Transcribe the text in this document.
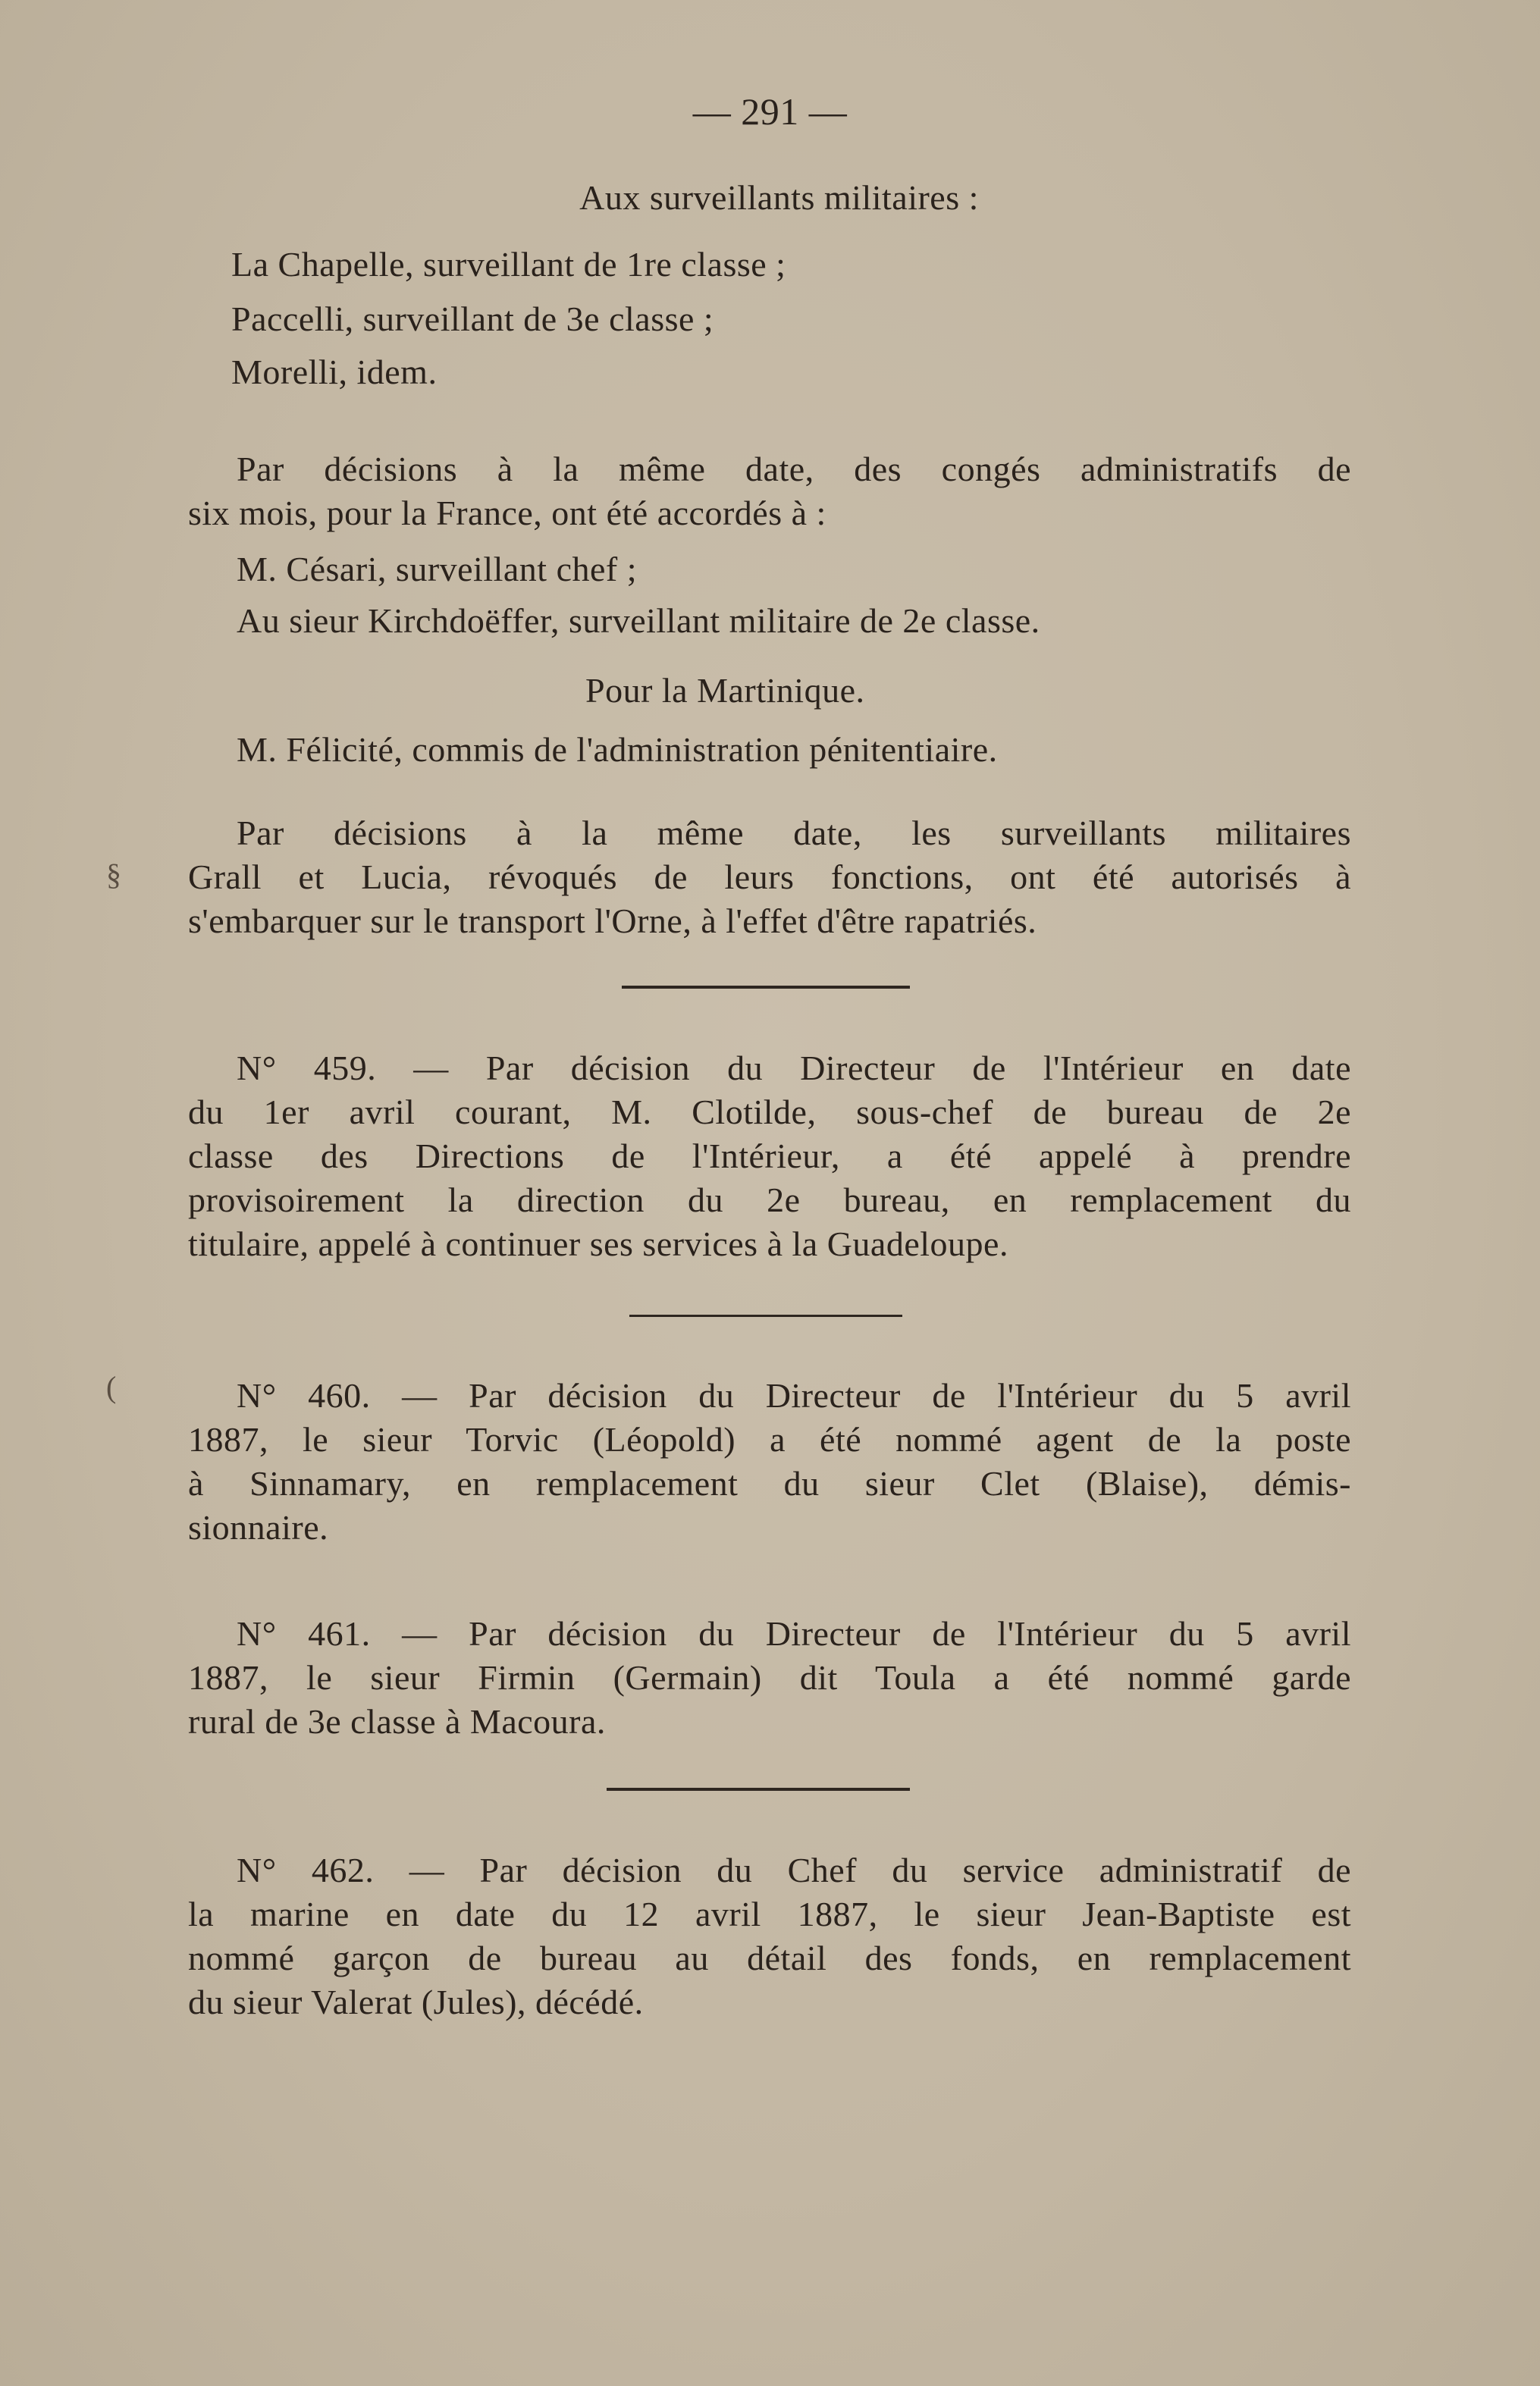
— 291 —
Aux surveillants militaires :
La Chapelle, surveillant de 1re classe ;
Paccelli, surveillant de 3e classe ;
Morelli, idem.
Par décisions à la même date, des congés administratifs de
six mois, pour la France, ont été accordés à :
M. Césari, surveillant chef ;
Au sieur Kirchdoëffer, surveillant militaire de 2e classe.
Pour la Martinique.
M. Félicité, commis de l'administration pénitentiaire.
Par décisions à la même date, les surveillants militaires
Grall et Lucia, révoqués de leurs fonctions, ont été autorisés à
s'embarquer sur le transport l'Orne, à l'effet d'être rapatriés.
§
(
N° 459. — Par décision du Directeur de l'Intérieur en date
du 1er avril courant, M. Clotilde, sous-chef de bureau de 2e
classe des Directions de l'Intérieur, a été appelé à prendre
provisoirement la direction du 2e bureau, en remplacement du
titulaire, appelé à continuer ses services à la Guadeloupe.
N° 460. — Par décision du Directeur de l'Intérieur du 5 avril
1887, le sieur Torvic (Léopold) a été nommé agent de la poste
à Sinnamary, en remplacement du sieur Clet (Blaise), démis-
sionnaire.
N° 461. — Par décision du Directeur de l'Intérieur du 5 avril
1887, le sieur Firmin (Germain) dit Toula a été nommé garde
rural de 3e classe à Macoura.
N° 462. — Par décision du Chef du service administratif de
la marine en date du 12 avril 1887, le sieur Jean-Baptiste est
nommé garçon de bureau au détail des fonds, en remplacement
du sieur Valerat (Jules), décédé.
